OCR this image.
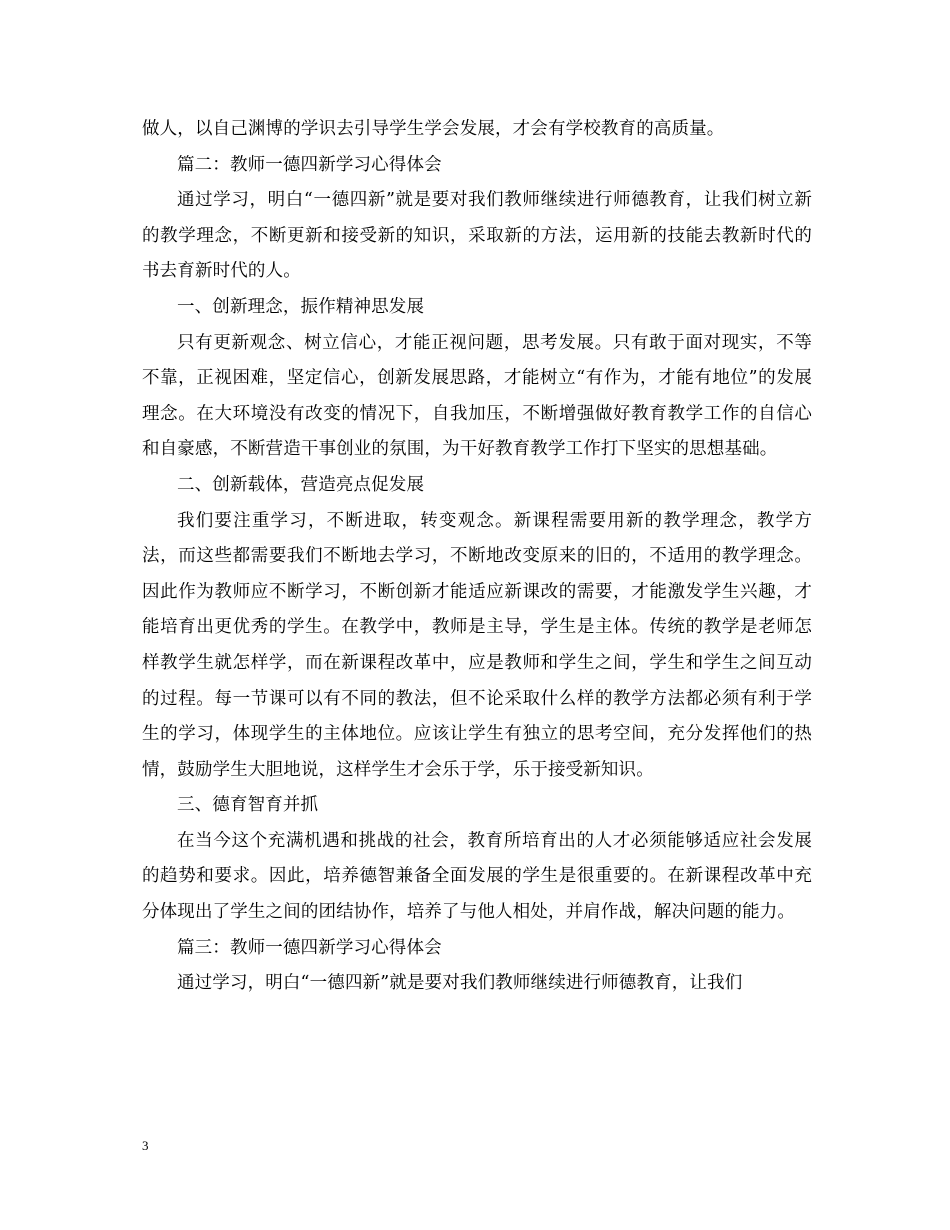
做人，以自己渊博的学识去引导学生学会发展，才会有学校教育的高质量。

篇二：教师一德四新学习心得体会

通过学习，明白“一德四新”就是要对我们教师继续进行师德教育，让我们树立新的教学理念，不断更新和接受新的知识，采取新的方法，运用新的技能去教新时代的书去育新时代的人。

一、创新理念，振作精神思发展

只有更新观念、树立信心，才能正视问题，思考发展。只有敢于面对现实，不等不靠，正视困难，坚定信心，创新发展思路，才能树立“有作为，才能有地位”的发展理念。在大环境没有改变的情况下，自我加压，不断增强做好教育教学工作的自信心和自豪感，不断营造干事创业的氛围，为干好教育教学工作打下坚实的思想基础。

二、创新载体，营造亮点促发展

我们要注重学习，不断进取，转变观念。新课程需要用新的教学理念，教学方法，而这些都需要我们不断地去学习，不断地改变原来的旧的，不适用的教学理念。因此作为教师应不断学习，不断创新才能适应新课改的需要，才能激发学生兴趣，才能培育出更优秀的学生。在教学中，教师是主导，学生是主体。传统的教学是老师怎样教学生就怎样学，而在新课程改革中，应是教师和学生之间，学生和学生之间互动的过程。每一节课可以有不同的教法，但不论采取什么样的教学方法都必须有利于学生的学习，体现学生的主体地位。应该让学生有独立的思考空间，充分发挥他们的热情，鼓励学生大胆地说，这样学生才会乐于学，乐于接受新知识。

三、德育智育并抓

在当今这个充满机遇和挑战的社会，教育所培育出的人才必须能够适应社会发展的趋势和要求。因此，培养德智兼备全面发展的学生是很重要的。在新课程改革中充分体现出了学生之间的团结协作，培养了与他人相处，并肩作战，解决问题的能力。

篇三：教师一德四新学习心得体会

通过学习，明白“一德四新”就是要对我们教师继续进行师德教育，让我们

3
